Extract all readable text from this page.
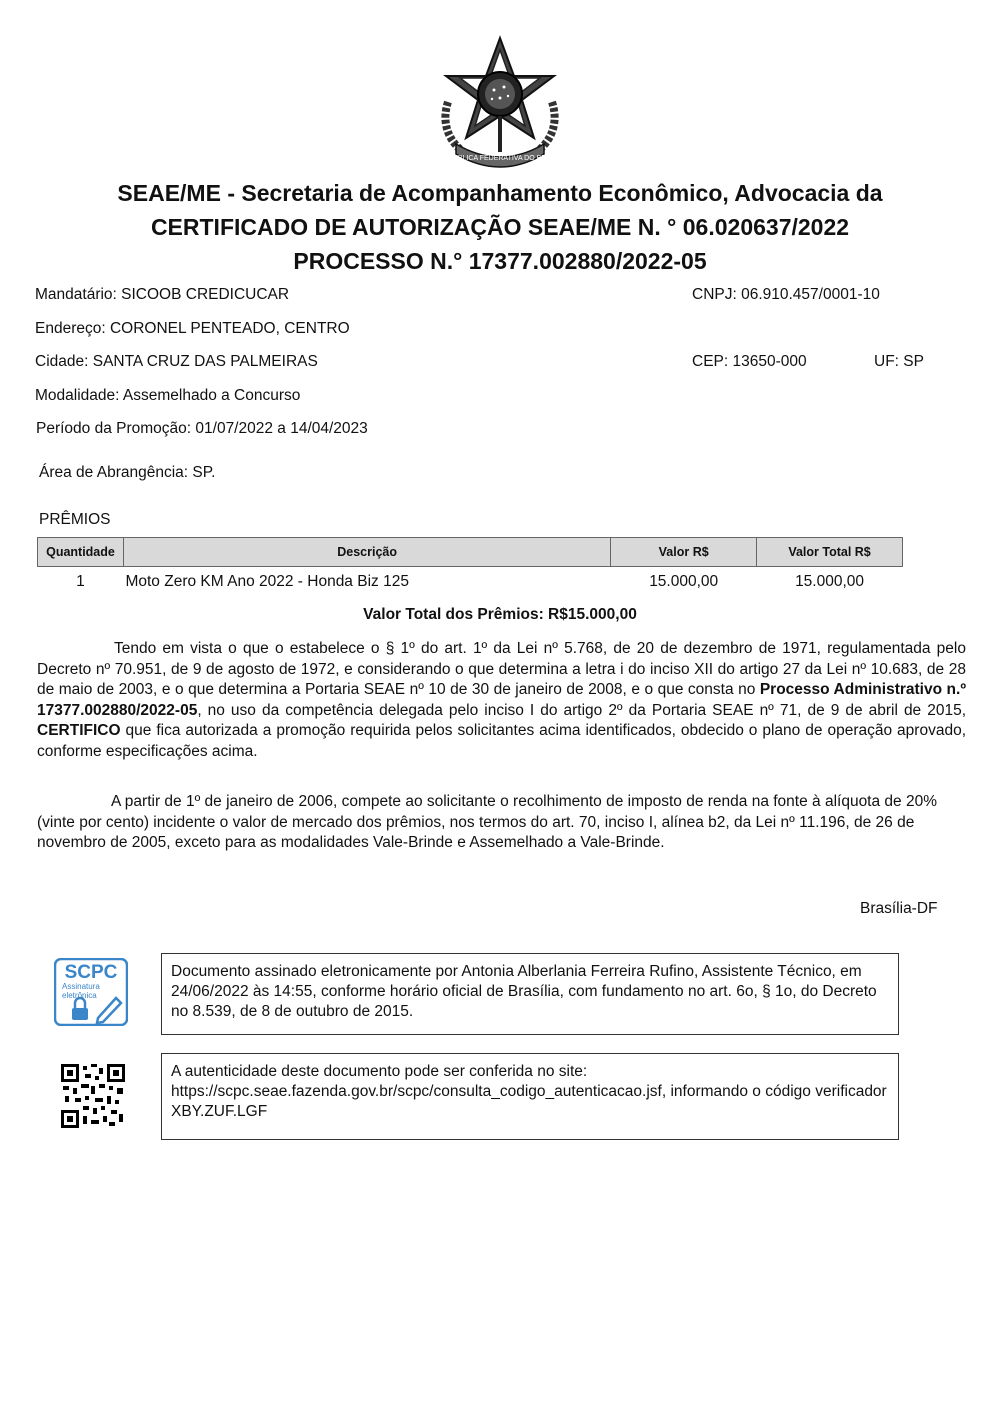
REPUBLICA FEDERATIVA DO BRASIL
SEAE/ME - Secretaria de Acompanhamento Econômico, Advocacia da
CERTIFICADO DE AUTORIZAÇÃO SEAE/ME N. ° 06.020637/2022
PROCESSO N.° 17377.002880/2022-05
Mandatário: SICOOB CREDICUCAR	CNPJ: 06.910.457/0001-10
Endereço: CORONEL PENTEADO, CENTRO
Cidade: SANTA CRUZ DAS PALMEIRAS	CEP: 13650-000	UF: SP
Modalidade: Assemelhado a Concurso
Período da Promoção: 01/07/2022 a 14/04/2023
Área de Abrangência: SP.
PRÊMIOS
Quantidade	Descrição	Valor R$	Valor Total R$
1	Moto Zero KM Ano 2022 - Honda Biz 125	15.000,00	15.000,00
Valor Total dos Prêmios: R$15.000,00
Tendo em vista o que o estabelece o § 1º do art. 1º da Lei nº 5.768, de 20 de dezembro de 1971, regulamentada pelo Decreto nº 70.951, de 9 de agosto de 1972, e considerando o que determina a letra i do inciso XII do artigo 27 da Lei nº 10.683, de 28 de maio de 2003, e o que determina a Portaria SEAE nº 10 de 30 de janeiro de 2008, e o que consta no Processo Administrativo n.º 17377.002880/2022-05, no uso da competência delegada pelo inciso I do artigo 2º da Portaria SEAE nº 71, de 9 de abril de 2015, CERTIFICO que fica autorizada a promoção requirida pelos solicitantes acima identificados, obdecido o plano de operação aprovado, conforme especificações acima.
A partir de 1º de janeiro de 2006, compete ao solicitante o recolhimento de imposto de renda na fonte à alíquota de 20% (vinte por cento) incidente o valor de mercado dos prêmios, nos termos do art. 70, inciso I, alínea b2, da Lei nº 11.196, de 26 de novembro de 2005, exceto para as modalidades Vale-Brinde e Assemelhado a Vale-Brinde.
Brasília-DF
SCPC
Assinatura
eletrônica
Documento assinado eletronicamente por Antonia Alberlania Ferreira Rufino, Assistente Técnico, em 24/06/2022 às 14:55, conforme horário oficial de Brasília, com fundamento no art. 6o, § 1o, do Decreto no 8.539, de 8 de outubro de 2015.
A autenticidade deste documento pode ser conferida no site:
https://scpc.seae.fazenda.gov.br/scpc/consulta_codigo_autenticacao.jsf, informando o código verificador XBY.ZUF.LGF
